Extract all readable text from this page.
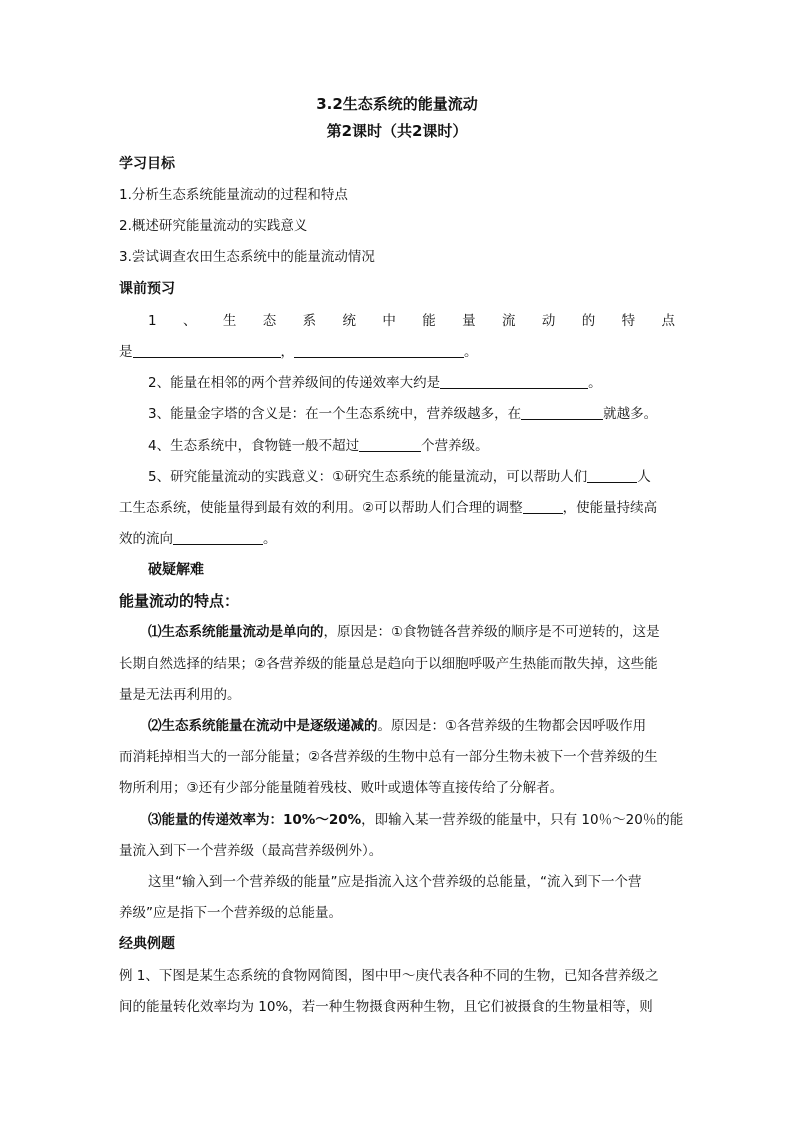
3.2生态系统的能量流动
第2课时（共2课时）
学习目标
1.分析生态系统能量流动的过程和特点
2.概述研究能量流动的实践意义
3.尝试调查农田生态系统中的能量流动情况
课前预习
1 、 生 态 系 统 中 能 量 流 动 的 特 点
是	，	。
2、能量在相邻的两个营养级间的传递效率大约是	。
3、能量金字塔的含义是：在一个生态系统中，营养级越多，在	就越多。
4、生态系统中，食物链一般不超过	个营养级。
5、研究能量流动的实践意义：①研究生态系统的能量流动，可以帮助人们	人
工生态系统，使能量得到最有效的利用。②可以帮助人们合理的调整	，使能量持续高
效的流向	。
破疑解难
能量流动的特点：
⑴生态系统能量流动是单向的，原因是：①食物链各营养级的顺序是不可逆转的，这是
长期自然选择的结果；②各营养级的能量总是趋向于以细胞呼吸产生热能而散失掉，这些能
量是无法再利用的。
⑵生态系统能量在流动中是逐级递减的。原因是：①各营养级的生物都会因呼吸作用
而消耗掉相当大的一部分能量；②各营养级的生物中总有一部分生物未被下一个营养级的生
物所利用；③还有少部分能量随着残枝、败叶或遗体等直接传给了分解者。
⑶能量的传递效率为：10%～20%，即输入某一营养级的能量中，只有 10％～20％的能
量流入到下一个营养级（最高营养级例外）。
这里“输入到一个营养级的能量”应是指流入这个营养级的总能量，“流入到下一个营
养级”应是指下一个营养级的总能量。
经典例题
例 1、下图是某生态系统的食物网简图，图中甲～庚代表各种不同的生物，已知各营养级之
间的能量转化效率均为 10%，若一种生物摄食两种生物，且它们被摄食的生物量相等，则
